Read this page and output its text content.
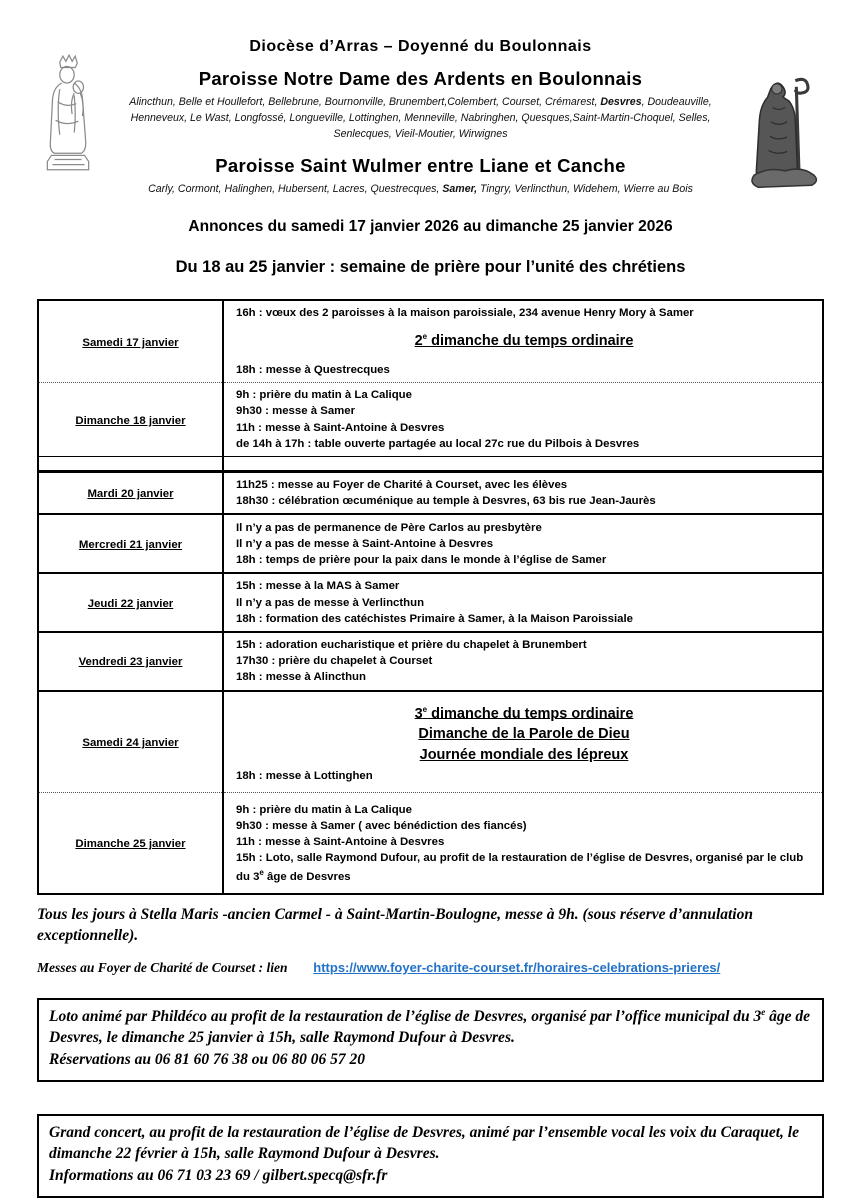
Diocèse d’Arras – Doyenné du Boulonnais
Paroisse Notre Dame des Ardents en Boulonnais

Alincthun, Belle et Houllefort, Bellebrune, Bournonville, Brunembert,Colembert, Courset, Crémarest, Desvres, Doudeauville, Henneveux, Le Wast, Longfossé, Longueville, Lottinghen, Menneville, Nabringhen, Quesques,Saint-Martin-Choquel, Selles, Senlecques, Vieil-Moutier, Wirwignes

Paroisse Saint Wulmer entre Liane et Canche

Carly, Cormont, Halinghen, Hubersent, Lacres, Questrecques, Samer, Tingry, Verlincthun, Widehem, Wierre au Bois

Annonces du samedi 17 janvier 2026 au dimanche 25 janvier 2026
Du 18 au 25 janvier : semaine de prière pour l’unité des chrétiens
Samedi 17 janvier	16h : vœux des 2 paroisses à la maison paroissiale, 234 avenue Henry Mory à Samer
2e dimanche du temps ordinaire
18h : messe à Questrecques

Dimanche 18 janvier	9h : prière du matin à La Calique
9h30 : messe à Samer
11h : messe à Saint-Antoine à Desvres
de 14h à 17h : table ouverte partagée au local 27c rue du Pilbois à Desvres

Mardi 20 janvier	11h25 : messe au Foyer de Charité à Courset, avec les élèves
18h30 : célébration œcuménique au temple à Desvres, 63 bis rue Jean-Jaurès

Mercredi 21 janvier	Il n’y a pas de permanence de Père Carlos au presbytère
Il n’y a pas de messe à Saint-Antoine à Desvres
18h : temps de prière pour la paix dans le monde à l’église de Samer

Jeudi 22 janvier	15h : messe à la MAS à Samer
Il n’y a pas de messe à Verlincthun
18h : formation des catéchistes Primaire à Samer, à la Maison Paroissiale

Vendredi 23 janvier	15h : adoration eucharistique et prière du chapelet à Brunembert
17h30 : prière du chapelet à Courset
18h : messe à Alincthun

Samedi 24 janvier	3e dimanche du temps ordinaire
Dimanche de la Parole de Dieu
Journée mondiale des lépreux
18h : messe à Lottinghen

Dimanche 25 janvier	9h : prière du matin à La Calique
9h30 : messe à Samer ( avec bénédiction des fiancés)
11h : messe à Saint-Antoine à Desvres
15h : Loto, salle Raymond Dufour, au profit de la restauration de l’église de Desvres, organisé par le club du 3e âge de Desvres

Tous les jours à Stella Maris -ancien Carmel - à Saint-Martin-Boulogne, messe à 9h. (sous réserve d’annulation exceptionnelle).

Messes au Foyer de Charité de Courset : lien https://www.foyer-charite-courset.fr/horaires-celebrations-prieres/

Loto animé par Phildéco au profit de la restauration de l’église de Desvres, organisé par l’office municipal du 3e âge de Desvres, le dimanche 25 janvier à 15h, salle Raymond Dufour à Desvres.
Réservations au 06 81 60 76 38 ou 06 80 06 57 20
Grand concert, au profit de la restauration de l’église de Desvres, animé par l’ensemble vocal les voix du Caraquet, le dimanche 22 février à 15h, salle Raymond Dufour à Desvres.
Informations au 06 71 03 23 69 / gilbert.specq@sfr.fr
